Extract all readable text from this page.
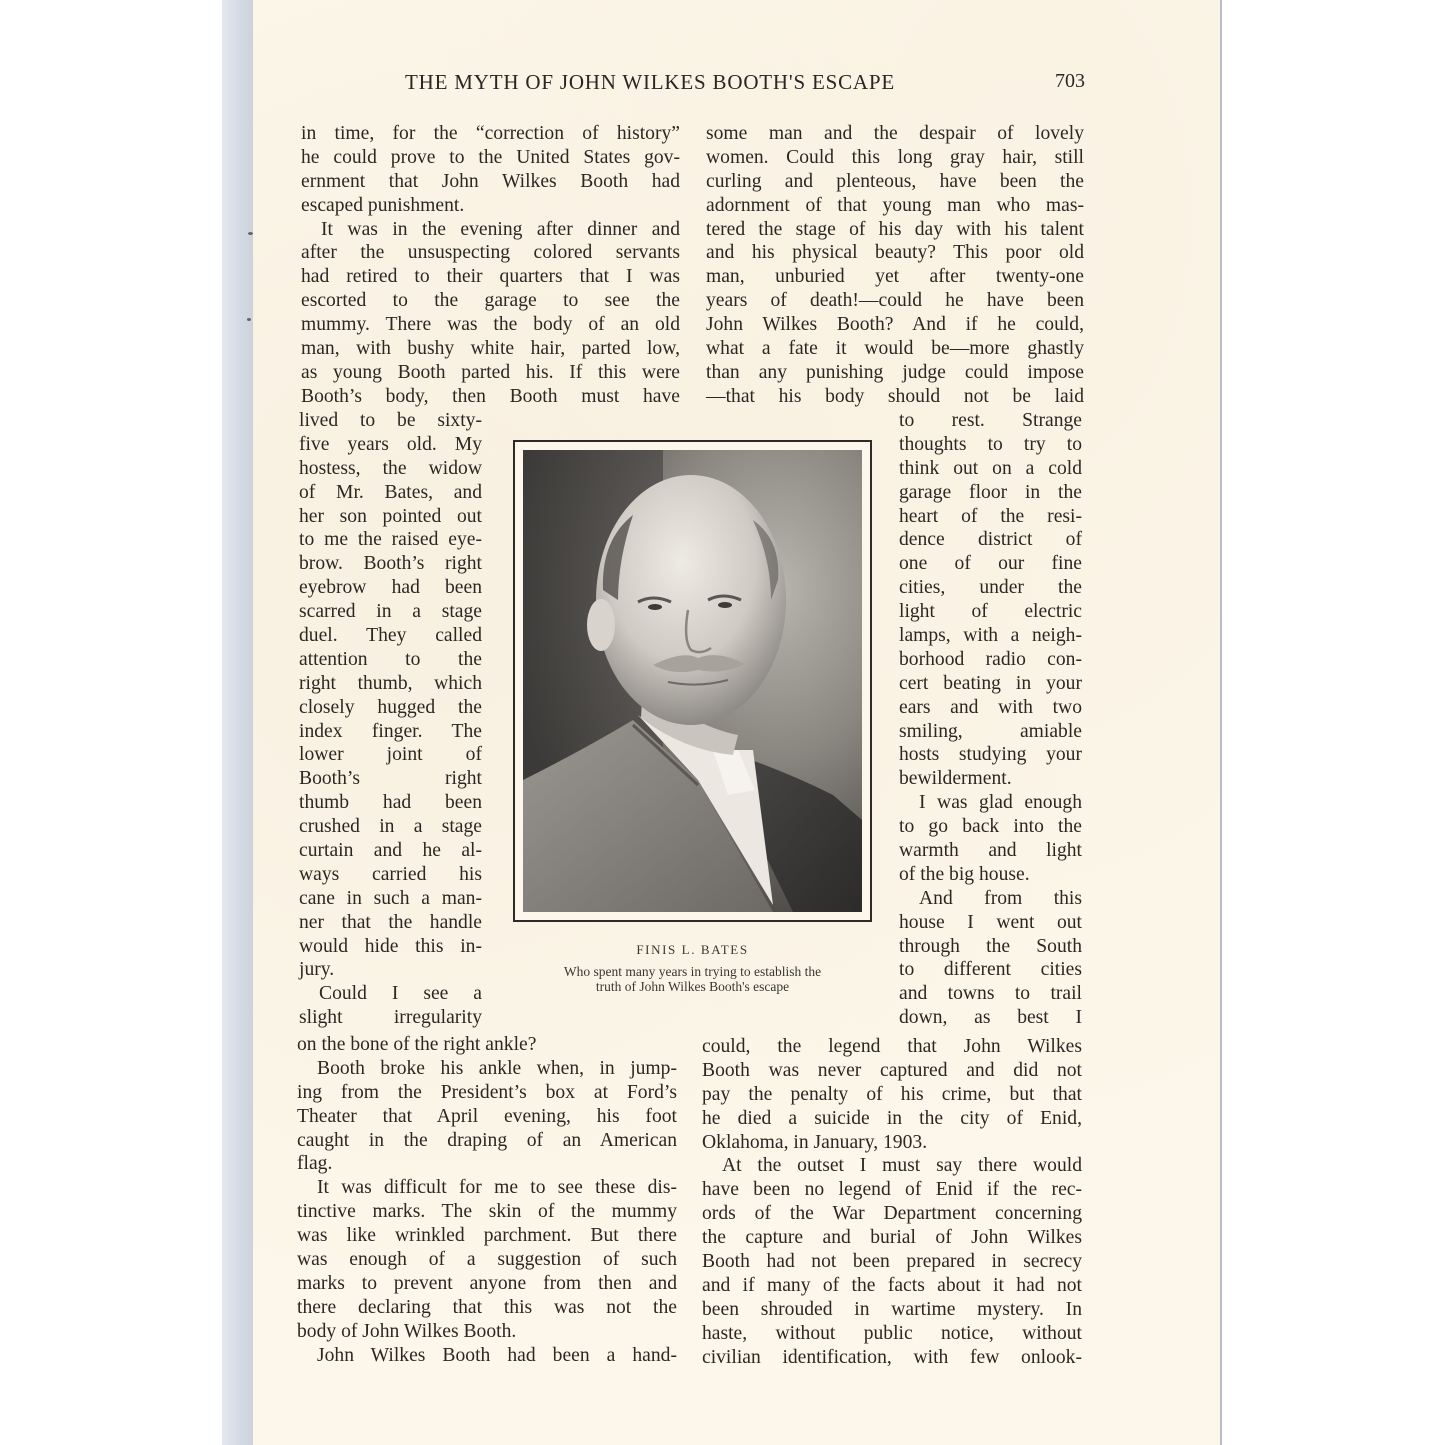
THE MYTH OF JOHN WILKES BOOTH'S ESCAPE	703
in time, for the “correction of history”
he could prove to the United States gov-
ernment that John Wilkes Booth had
escaped punishment.
It was in the evening after dinner and
after the unsuspecting colored servants
had retired to their quarters that I was
escorted to the garage to see the
mummy. There was the body of an old
man, with bushy white hair, parted low,
as young Booth parted his. If this were
Booth’s body, then Booth must have
lived to be sixty-
five years old. My
hostess, the widow
of Mr. Bates, and
her son pointed out
to me the raised eye-
brow. Booth’s right
eyebrow had been
scarred in a stage
duel. They called
attention to the
right thumb, which
closely hugged the
index finger. The
lower joint of
Booth’s right
thumb had been
crushed in a stage
curtain and he al-
ways carried his
cane in such a man-
ner that the handle
would hide this in-
jury.
Could I see a
slight irregularity
on the bone of the right ankle?
Booth broke his ankle when, in jump-
ing from the President’s box at Ford’s
Theater that April evening, his foot
caught in the draping of an American
flag.
It was difficult for me to see these dis-
tinctive marks. The skin of the mummy
was like wrinkled parchment. But there
was enough of a suggestion of such
marks to prevent anyone from then and
there declaring that this was not the
body of John Wilkes Booth.
John Wilkes Booth had been a hand-
some man and the despair of lovely
women. Could this long gray hair, still
curling and plenteous, have been the
adornment of that young man who mas-
tered the stage of his day with his talent
and his physical beauty? This poor old
man, unburied yet after twenty-one
years of death!—could he have been
John Wilkes Booth? And if he could,
what a fate it would be—more ghastly
than any punishing judge could impose
—that his body should not be laid
to rest. Strange
thoughts to try to
think out on a cold
garage floor in the
heart of the resi-
dence district of
one of our fine
cities, under the
light of electric
lamps, with a neigh-
borhood radio con-
cert beating in your
ears and with two
smiling, amiable
hosts studying your
bewilderment.
I was glad enough
to go back into the
warmth and light
of the big house.
And from this
house I went out
through the South
to different cities
and towns to trail
down, as best I
could, the legend that John Wilkes
Booth was never captured and did not
pay the penalty of his crime, but that
he died a suicide in the city of Enid,
Oklahoma, in January, 1903.
At the outset I must say there would
have been no legend of Enid if the rec-
ords of the War Department concerning
the capture and burial of John Wilkes
Booth had not been prepared in secrecy
and if many of the facts about it had not
been shrouded in wartime mystery. In
haste, without public notice, without
civilian identification, with few onlook-
FINIS L. BATES
Who spent many years in trying to establish the
truth of John Wilkes Booth's escape
